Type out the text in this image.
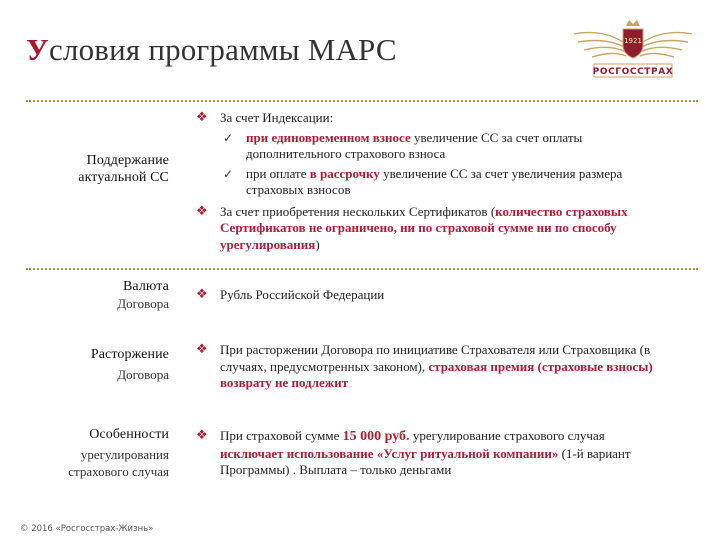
Условия программы МАРС	1921
РОСГОССТРАХ
Поддержание актуальной СС

❖ За счет Индексации:

✓ при единовременном взносе увеличение СС за счет оплаты дополнительного страхового взноса

✓ при оплате в рассрочку увеличение СС за счет увеличения размера страховых взносов

❖ За счет приобретения нескольких Сертификатов (количество страховых Сертификатов не ограничено, ни по страховой сумме ни по способу урегулирования)

Валюта
Договора

❖ Рубль Российской Федерации

Расторжение
Договора

❖ При расторжении Договора по инициативе Страхователя или Страховщика (в случаях, предусмотренных законом), страховая премия (страховые взносы) возврату не подлежит

Особенности
урегулирования страхового случая

❖ При страховой сумме 15 000 руб. урегулирование страхового случая исключает использование «Услуг ритуальной компании» (1-й вариант Программы) . Выплата – только деньгами

© 2016 «Росгосстрах-Жизнь»
